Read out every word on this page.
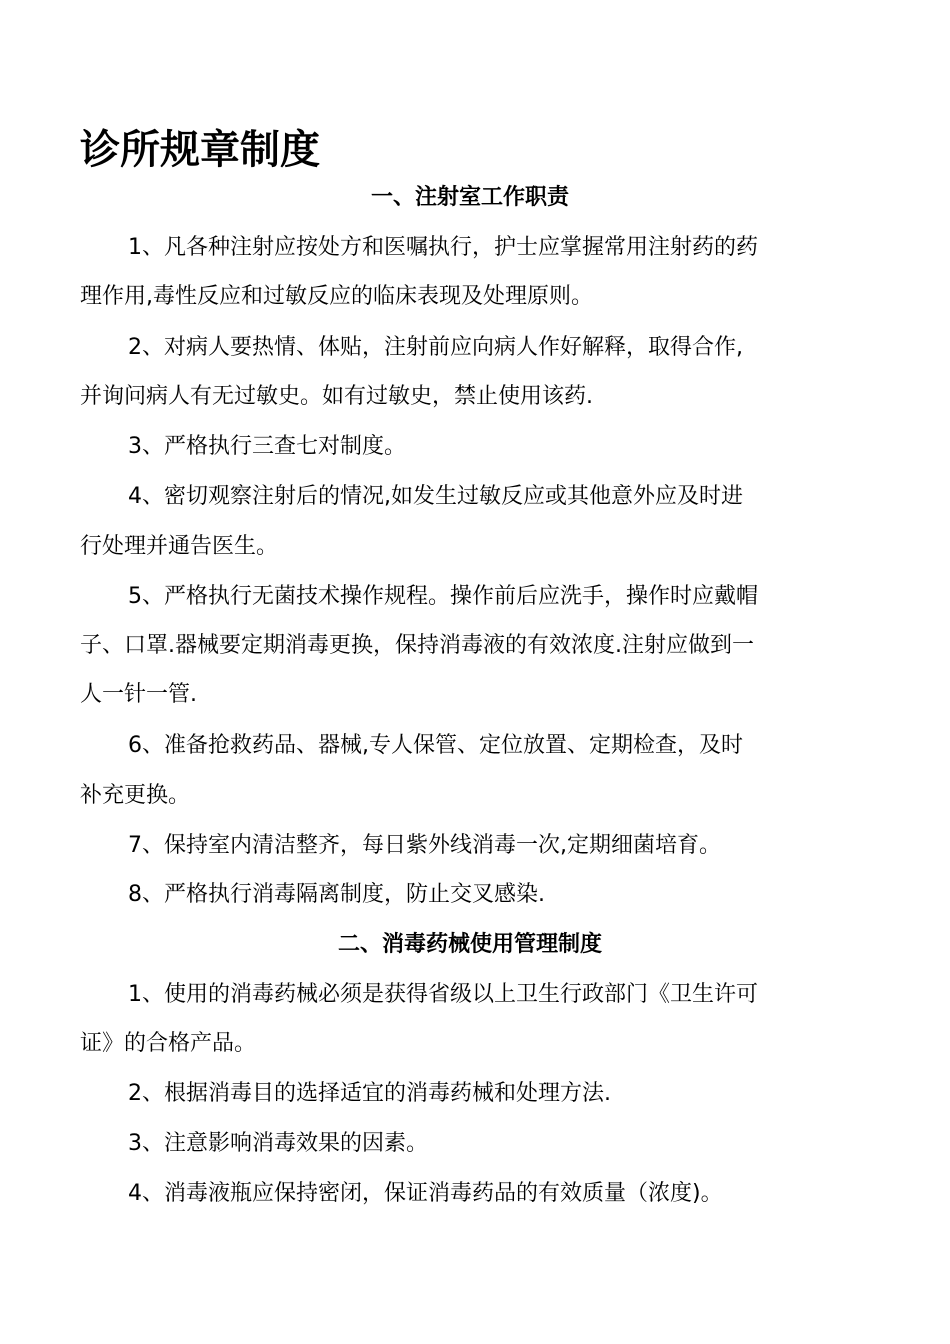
诊所规章制度
一、注射室工作职责

1、凡各种注射应按处方和医嘱执行，护士应掌握常用注射药的药

理作用,毒性反应和过敏反应的临床表现及处理原则。

2、对病人要热情、体贴，注射前应向病人作好解释，取得合作,

并询问病人有无过敏史。如有过敏史，禁止使用该药.

3、严格执行三查七对制度。

4、密切观察注射后的情况,如发生过敏反应或其他意外应及时进

行处理并通告医生。

5、严格执行无菌技术操作规程。操作前后应洗手，操作时应戴帽

子、口罩.器械要定期消毒更换，保持消毒液的有效浓度.注射应做到一

人一针一管.

6、准备抢救药品、器械,专人保管、定位放置、定期检查，及时

补充更换。

7、保持室内清洁整齐，每日紫外线消毒一次,定期细菌培育。

8、严格执行消毒隔离制度，防止交叉感染.

二、消毒药械使用管理制度

1、使用的消毒药械必须是获得省级以上卫生行政部门《卫生许可

证》的合格产品。

2、根据消毒目的选择适宜的消毒药械和处理方法.

3、注意影响消毒效果的因素。

4、消毒液瓶应保持密闭，保证消毒药品的有效质量（浓度)。
